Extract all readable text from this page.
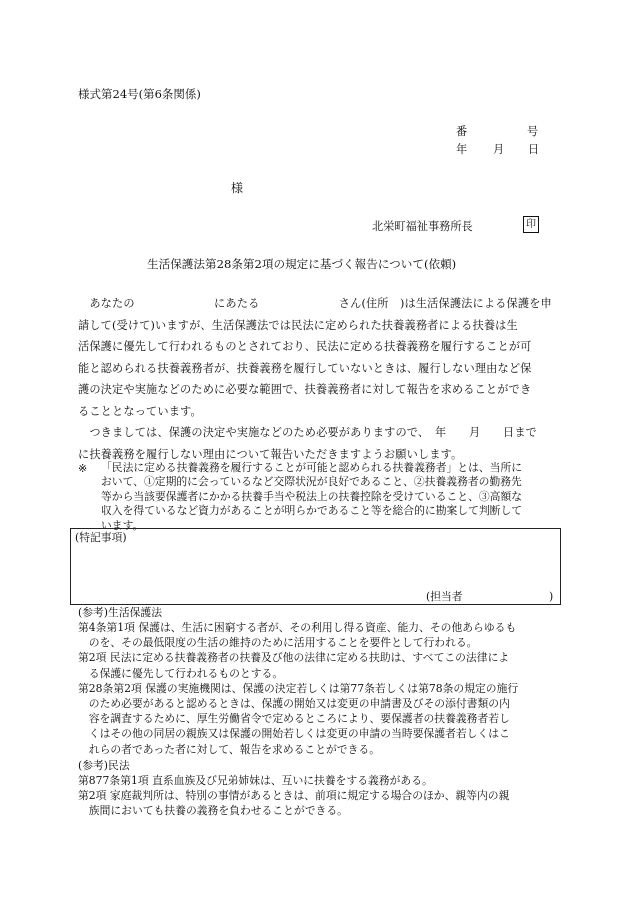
様式第24号(第6条関係)
番	号
年 月 日
様
北栄町福祉事務所長	印
生活保護法第28条第2項の規定に基づく報告について(依頼)

　あなたの　　　　　　　にあたる　　　　　　　さん(住所　)は生活保護法による保護を申

請して(受けて)いますが、生活保護法では民法に定められた扶養義務者による扶養は生

活保護に優先して行われるものとされており、民法に定める扶養義務を履行することが可

能と認められる扶養義務者が、扶養義務を履行していないときは、履行しない理由など保

護の決定や実施などのために必要な範囲で、扶養義務者に対して報告を求めることができ

ることとなっています。

　つきましては、保護の決定や実施などのため必要がありますので、　年　　月　　日まで

に扶養義務を履行しない理由について報告いただきますようお願いします。

※ 「民法に定める扶養義務を履行することが可能と認められる扶養義務者」とは、当所に
おいて、①定期的に会っているなど交際状況が良好であること、②扶養義務者の勤務先
等から当該要保護者にかかる扶養手当や税法上の扶養控除を受けていること、③高額な
収入を得ているなど資力があることが明らかであること等を総合的に勘案して判断して
います。
(特記事項)
(担当者　　　　　　　　)
(参考)生活保護法
第4条第1項 保護は、生活に困窮する者が、その利用し得る資産、能力、その他あらゆるも
　のを、その最低限度の生活の維持のために活用することを要件として行われる。
第2項 民法に定める扶養義務者の扶養及び他の法律に定める扶助は、すべてこの法律によ
　る保護に優先して行われるものとする。
第28条第2項 保護の実施機関は、保護の決定若しくは第77条若しくは第78条の規定の施行
　のため必要があると認めるときは、保護の開始又は変更の申請書及びその添付書類の内
　容を調査するために、厚生労働省令で定めるところにより、要保護者の扶養義務者若し
　くはその他の同居の親族又は保護の開始若しくは変更の申請の当時要保護者若しくはこ
　れらの者であった者に対して、報告を求めることができる。
(参考)民法
第877条第1項 直系血族及び兄弟姉妹は、互いに扶養をする義務がある。
第2項 家庭裁判所は、特別の事情があるときは、前項に規定する場合のほか、親等内の親
　族間においても扶養の義務を負わせることができる。
